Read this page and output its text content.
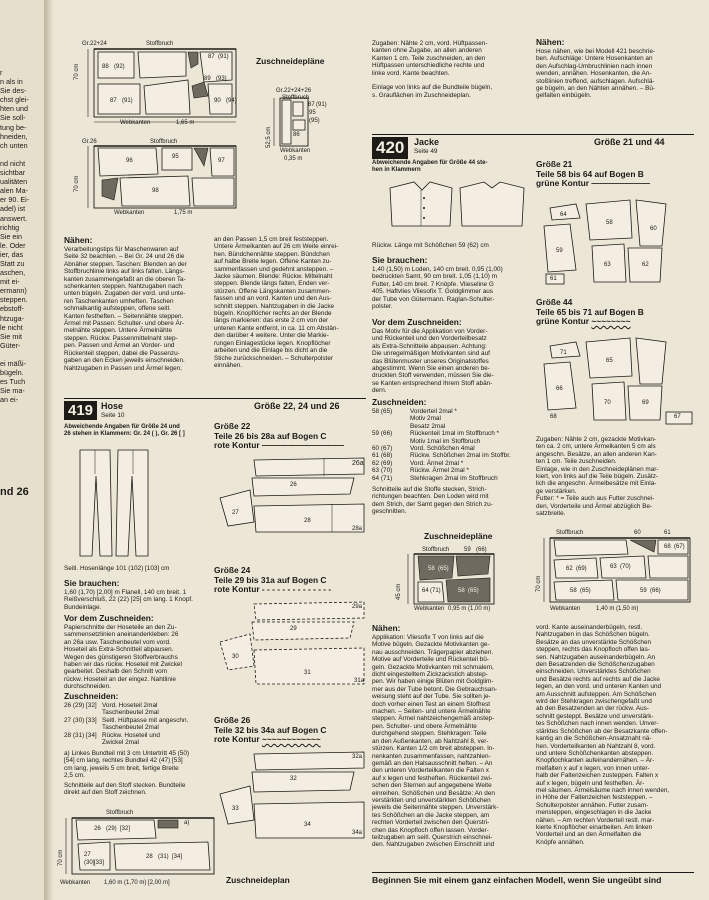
r
n als in
Sie des-
chst glei-
hten und
Sie soll-
tung be-
hneiden,
ch unten

nd nicht
sichtbar
ualitäten
alen Ma-
er 90. Ei-
adel) ist
answert.
richtig
Sie ein
le. Oder
ier, das
Statt zu
aschen,
mit ei-
ermann)
steppen.
ebstoff-
htzuga-
le nicht
Sie mit
Güter-

ei mäßi-
bügeln.
es Tuch
Sie ma-
an ei-
nd 26
Gr.22+24	Stoffbruch
88 (92)
87 (91)
89 (93)
87 (91)	90 (94)
70 cm
Webkanten	1,65 m
Zuschneidepläne
Gr.22+24+26
Stoffbruch
87 (91)
95
(95)
86
52,5 cm
Webkanten
0,35 m
Gr.26	Stoffbruch
96
95
97
98
70 cm
Webkanten	1,75 m
Nähen:
Verarbeitungstips für Maschenwaren auf
Seite 32 beachten. – Bei Gr. 24 und 26 die
Abnäher steppen. Taschen: Blenden an der
Stoffbruchlinie links auf links falten. Längs-
kanten zusammengefaßt an die oberen Ta-
schenkanten steppen. Nahtzugaben nach
unten bügeln. Zugaben der vord. und unte-
ren Taschenkanten umheften. Taschen
schmalkantig aufsteppen, offene seitl.
Kanten festheften. – Seitennähte steppen.
Ärmel mit Passen: Schulter- und obere Är-
melnähte steppen. Untere Ärmelnähte
steppen. Rückw. Passenmittelnaht step-
pen. Passen und Ärmel an Vorder- und
Rückenteil steppen, dabei die Passenzu-
gaben an den Ecken jeweils einschneiden.
Nahtzugaben in Passen und Ärmel legen,
an den Passen 1,5 cm breit feststeppen.
Untere Ärmelkanten auf 26 cm Weite einrei-
hen. Bündchennähte steppen. Bündchen
auf halbe Breite legen. Offene Kanten zu-
sammenfassen und gedehnt ansteppen. –
Jacke säumen. Blende: Rückw. Mittelnaht
steppen. Blende längs falten, Enden ver-
stürzen. Offene Längskanten zusammen-
fassen und an vord. Kanten und den Aus-
schnitt steppen. Nahtzugaben in die Jacke
bügeln. Knopflöcher rechts an der Blende
längs markieren: das erste 2 cm von der
unteren Kante entfernt, in ca. 11 cm Abstän-
den darüber 4 weitere. Unter die Markie-
rungen Einlagestücke legen. Knopflöcher
arbeiten und die Einlage bis dicht an die
Stiche zurückschneiden. – Schulterpolster
einnähen.
419 Hose
Seite 10
Größe 22, 24 und 26
Abweichende Angaben für Größe 24 und
26 stehen in Klammern: Gr. 24 ( ), Gr. 26 [ ]
Seitl. Hosenlänge 101 (102) [103] cm
Sie brauchen:
1,60 (1,70) [2,00] m Flanell, 140 cm breit. 1
Reißverschluß, 22 (22) [25] cm lang. 1 Knopf.
Bundeinlage.
Vor dem Zuschneiden:
Papierschnitte der Hoseteile an den Zu-
sammensetzlinien aneinanderkleben: 26
an 26a usw. Taschenbeutel vom vord.
Hoseteil als Extra-Schnitteil abpausen.
Wegen des günstigeren Stoffverbrauchs
haben wir das rückw. Hoseteil mit Zwickel
gearbeitet. Deshalb den Schnitt vom
rückw. Hoseteil an der eingez. Nahtlinie
durchschneiden.
Zuschneiden:
26 (29) [32] Vord. Hoseteil 2mal
Taschenbeutel 2mal
27 (30) [33] Seitl. Hüftpasse mit angeschn.
Taschenbeutel 2mal
28 (31) [34] Rückw. Hoseteil und
Zwickel 2mal
a) Linkes Bundteil mit 3 cm Untertritt 45 (50)
[54] cm lang, rechtes Bundteil 42 (47) [53]
cm lang, jeweils 5 cm breit, fertige Breite
2,5 cm.
Schnitteile auf den Stoff stecken. Bundteile
direkt auf den Stoff zeichnen.
Größe 22
Teile 26 bis 28a auf Bogen C
rote Kontur ———————————
26a
26
27
28
28a
Größe 24
Teile 29 bis 31a auf Bogen C
rote Kontur - - - - - - - - - - - - - -
29a
29
30
31
31a
Größe 26
Teile 32 bis 34a auf Bogen C
rote Kontur ~~~~~~~~~~~~
32a
32
33
34
34a
Stoffbruch
26 (29) [32]
a)
27
(30) [33]
28 (31) [34]
70 cm
Webkanten 1,60 m (1,70 m) [2,00 m]	Zuschneideplan
Zugaben: Nähte 2 cm, vord. Hüftpassen-
kanten ohne Zugabe, an allen anderen
Kanten 1 cm. Teile zuschneiden, an den
Hüftpassen unterschiedliche rechte und
linke vord. Kante beachten.

Einlage von links auf die Bundteile bügeln,
s. Grauflächen im Zuschneideplan.
Nähen:
Hose nähen, wie bei Modell 421 beschrie-
ben. Aufschläge: Untere Hosenkanten an
den Aufschlag-Umbruchlinien nach innen
wenden, annähen. Hosenkanten, die An-
stoßlinien treffend, aufschlagen. Aufschlä-
ge bügeln, an den Nähten annähen. – Bü-
gelfalten einbügeln.
420	Jacke
Seite 49
Größe 21 und 44
Abweichende Angaben für Größe 44 ste-
hen in Klammern
Rückw. Länge mit Schößchen 59 (62) cm
Sie brauchen:
1,40 (1,50) m Loden, 140 cm breit. 0,95 (1,00)
bedruckten Samt, 90 cm breit. 1,05 (1,10) m
Futter, 140 cm breit. 7 Knöpfe. Vlieseline G
405. Haftvlies Vliesofix T. Goldglimmer aus
der Tube von Gütermann. Raglan-Schulter-
polster.
Vor dem Zuschneiden:
Das Motiv für die Applikation von Vorder-
und Rückenteil und den Vorderteilbesatz
als Extra-Schnitteile abpausen. Achtung:
Die unregelmäßigen Motivkanten sind auf
das Blütenmuster unseres Originalstoffes
abgestimmt. Wenn Sie einen anderen be-
druckten Stoff verwenden, müssen Sie die-
se Kanten entsprechend Ihrem Stoff abän-
dern.
Zuschneiden:
58 (65)	Vorderteil 2mal *
Motiv 2mal
Besatz 2mal
59 (66)	Rückenteil 1mal im Stoffbruch *
Motiv 1mal im Stoffbruch
60 (67)	Vord. Schößchen 4mal
61 (68)	Rückw. Schößchen 2mal im Stoffbr.
62 (69)	Vord. Ärmel 2mal *
63 (70)	Rückw. Ärmel 2mal *
64 (71)	Stehkragen 2mal im Stoffbruch
Schnitteile auf die Stoffe stecken, Strich-
richtungen beachten. Den Loden wird mit
dem Strich, der Samt gegen den Strich zu-
geschnitten.
Zuschneidepläne
Stoffbruch 59 (66)
58 (65)
64 (71)	58 (65)
45 cm
Webkanten 0,95 m (1,00 m)
Nähen:
Applikation: Vliesofix T von links auf die
Motive bügeln. Gezackte Motivkanten ge-
nau ausschneiden. Trägerpapier abziehen.
Motive auf Vorderteile und Rückenteil bü-
geln. Gezackte Motivkanten mit schmalem,
dicht eingestelltem Zickzackstich abstep-
pen. Wir haben einige Blüten mit Goldglim-
mer aus der Tube betont. Die Gebrauchsan-
weisung steht auf der Tube. Sie sollten je-
doch vorher einen Test an einem Stoffrest
machen. – Seiten- und untere Ärmelnähte
steppen. Ärmel nahtzeichengemäß anstep-
pen. Schulter- und obere Ärmelnähte
durchgehend steppen. Stehkragen: Teile
an den Außenkanten, ab Nahtzahl 8, ver-
stürzen. Kanten 1/2 cm breit absteppen. In-
nenkanten zusammenfassen, nahtzahlen-
gemäß an den Halsausschnitt heften. – An
den unteren Vorderteilkanten die Falten x
auf x legen und festheften. Rückenteil zwi-
schen den Sternen auf angegebene Weite
einreihen. Schößchen und Besätze: An den
verstärkten und unverstärkten Schößchen
jeweils die Seitennähte steppen. Unverstärk-
tes Schößchen an die Jacke steppen, am
rechten Vorderteil zwischen den Querstri-
chen das Knopfloch offen lassen. Vorder-
teilzugaben am seitl. Querstrich einschnei-
den. Nahtzugaben zwischen Einschnitt und
Größe 21
Teile 58 bis 64 auf Bogen B
grüne Kontur ———————
64
58
59
63	62
61
60
Größe 44
Teile 65 bis 71 auf Bogen B
grüne Kontur ~~~~~~~~
71
65
66
70	69
68	67
Zugaben: Nähte 2 cm, gezackte Motivkan-
ten ca. 2 cm, untere Ärmelkanten 5 cm als
angeschn. Besätze, an allen anderen Kan-
ten 1 cm. Teile zuschneiden.
Einlage, wie in den Zuschneideplänen mar-
kiert, von links auf die Teile bügeln. Zusätz-
lich die angeschn. Ärmelbesätze mit Einla-
ge verstärken.
Futter: * = Teile auch aus Futter zuschnei-
den, Vorderteile und Ärmel abzüglich Be-
satzbreite.
Stoffbruch	60	61
68 (67)
62 (69)	63 (70)
58 (65)	59 (66)
70 cm
Webkanten	1,40 m (1,50 m)
vord. Kante auseinanderbügeln, restl.
Nahtzugaben in das Schößchen bügeln.
Besätze an das unverstärkte Schößchen
steppen, rechts das Knopfloch offen las-
sen. Nahtzugaben auseinanderbügeln. An
den Besatzenden die Schößchenzugaben
einschneiden. Unverstärktes Schößchen
und Besätze rechts auf rechts auf die Jacke
legen, an den vord. und unteren Kanten und
am Ausschnitt aufsteppen. Am Schößchen
wird der Stehkragen zwischengefaßt und
ab den Besatzenden an der rückw. Aus-
schnitt gesteppt. Besätze und unverstärk-
tes Schößchen nach innen wenden. Unver-
stärktes Schößchen ab der Besatzkante offen-
kantig an die Schößchen-Ansatznaht nä-
hen. Vorderteilkanten ab Nahtzahl 8, vord.
und untere Schößchenkanten absteppen.
Knopflochkanten aufeinandernähen. – Är-
melfalten x auf x legen, von innen unter-
halb der Faltenzeichen zusteppen. Falten x
auf x legen, bügeln und festheften. Är-
mel säumen. Ärmelsäume nach innen wenden,
in Höhe der Faltenzeichen feststeppen. –
Schulterpolster annähen. Futter zusam-
mensteppen, eingeschlagen in die Jacke
nähen. – Am rechten Vorderteil restl. mar-
kierte Knopflöcher einarbeiten. Am linken
Vorderteil und an den Ärmelfalten die
Knöpfe annähen.
Beginnen Sie mit einem ganz einfachen Modell, wenn Sie ungeübt sind
